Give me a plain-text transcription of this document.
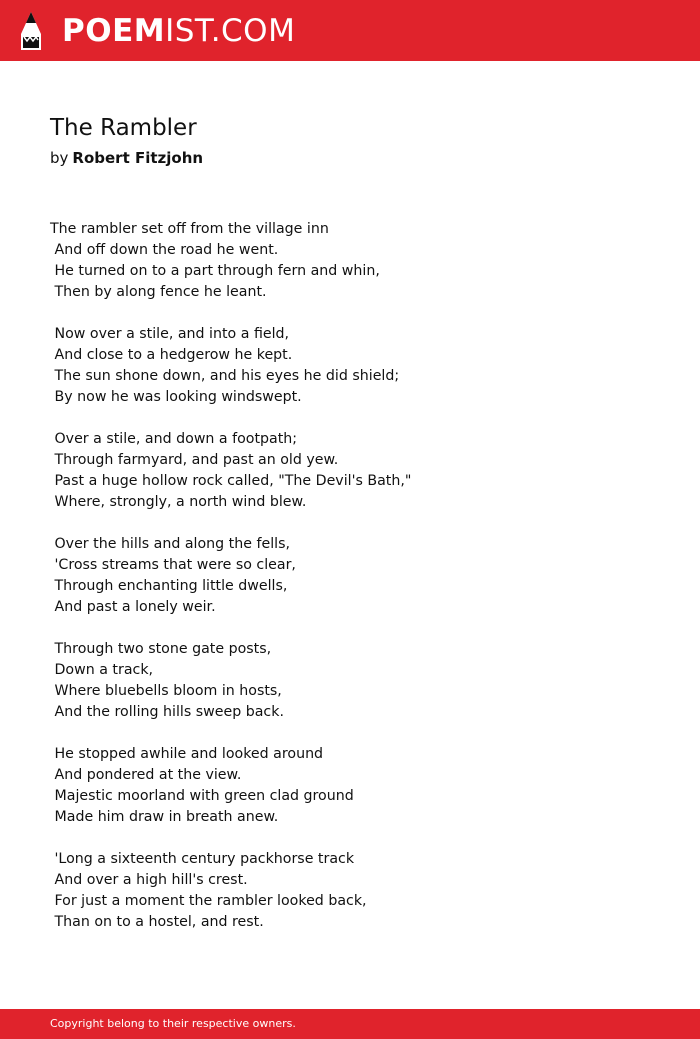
POEMIST.COM
The Rambler
by Robert Fitzjohn
The rambler set off from the village inn
And off down the road he went.
He turned on to a part through fern and whin,
Then by along fence he leant.
Now over a stile, and into a field,
And close to a hedgerow he kept.
The sun shone down, and his eyes he did shield;
By now he was looking windswept.
Over a stile, and down a footpath;
Through farmyard, and past an old yew.
Past a huge hollow rock called, "The Devil's Bath,"
Where, strongly, a north wind blew.
Over the hills and along the fells,
'Cross streams that were so clear,
Through enchanting little dwells,
And past a lonely weir.
Through two stone gate posts,
Down a track,
Where bluebells bloom in hosts,
And the rolling hills sweep back.
He stopped awhile and looked around
And pondered at the view.
Majestic moorland with green clad ground
Made him draw in breath anew.
'Long a sixteenth century packhorse track
And over a high hill's crest.
For just a moment the rambler looked back,
Than on to a hostel, and rest.
Copyright belong to their respective owners.
